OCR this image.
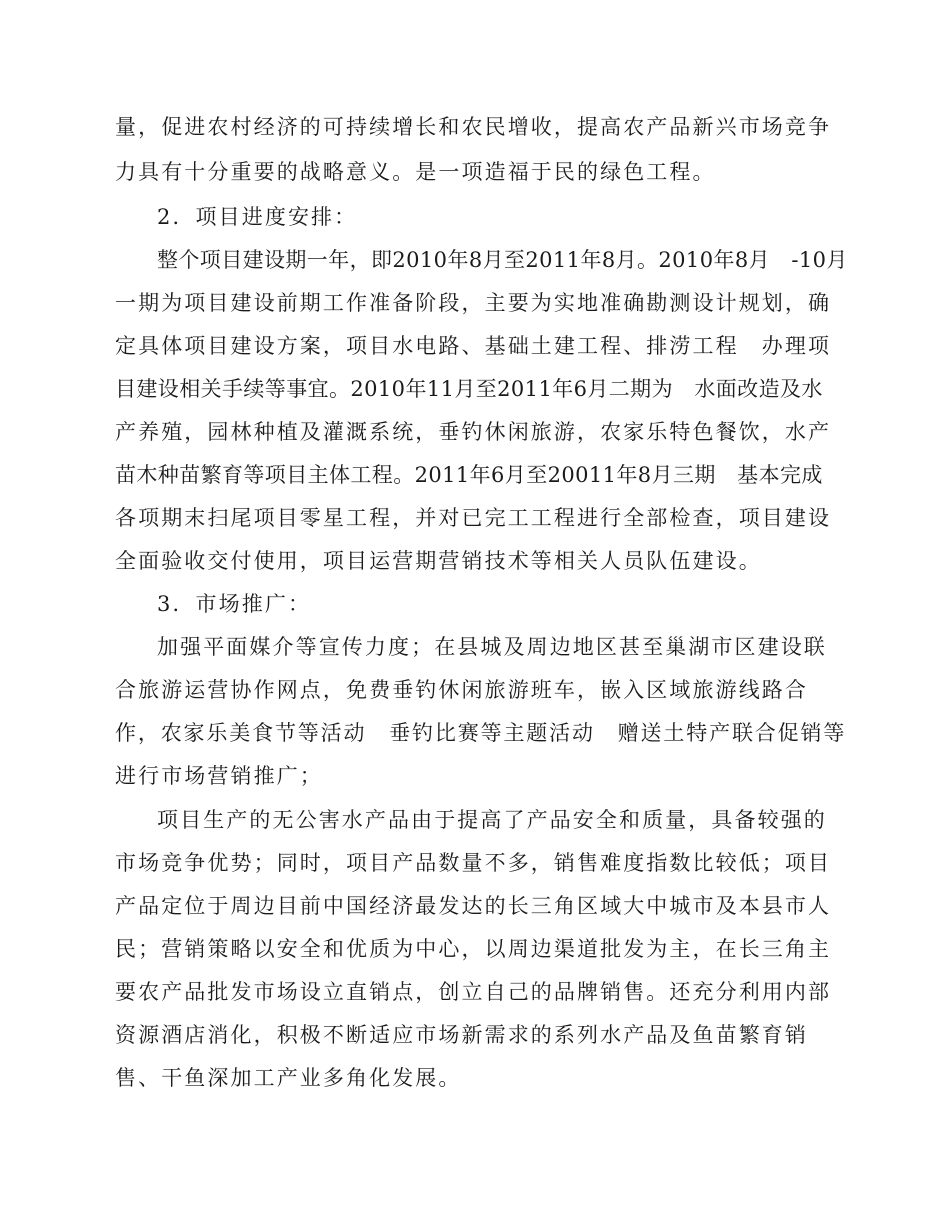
量，促进农村经济的可持续增长和农民增收，提高农产品新兴市场竞争
力具有十分重要的战略意义。是一项造福于民的绿色工程。
2．项目进度安排：
整个项目建设期一年，即2010年8月至2011年8月。2010年8月　-10月
一期为项目建设前期工作准备阶段，主要为实地准确勘测设计规划，确
定具体项目建设方案，项目水电路、基础土建工程、排涝工程　办理项
目建设相关手续等事宜。2010年11月至2011年6月二期为　水面改造及水
产养殖，园林种植及灌溉系统，垂钓休闲旅游，农家乐特色餐饮，水产
苗木种苗繁育等项目主体工程。2011年6月至20011年8月三期　基本完成
各项期末扫尾项目零星工程，并对已完工工程进行全部检查，项目建设
全面验收交付使用，项目运营期营销技术等相关人员队伍建设。
3．市场推广：
加强平面媒介等宣传力度；在县城及周边地区甚至巢湖市区建设联
合旅游运营协作网点，免费垂钓休闲旅游班车，嵌入区域旅游线路合
作，农家乐美食节等活动　垂钓比赛等主题活动　赠送土特产联合促销等
进行市场营销推广；
项目生产的无公害水产品由于提高了产品安全和质量，具备较强的
市场竞争优势；同时，项目产品数量不多，销售难度指数比较低；项目
产品定位于周边目前中国经济最发达的长三角区域大中城市及本县市人
民；营销策略以安全和优质为中心，以周边渠道批发为主，在长三角主
要农产品批发市场设立直销点，创立自己的品牌销售。还充分利用内部
资源酒店消化，积极不断适应市场新需求的系列水产品及鱼苗繁育销
售、干鱼深加工产业多角化发展。
